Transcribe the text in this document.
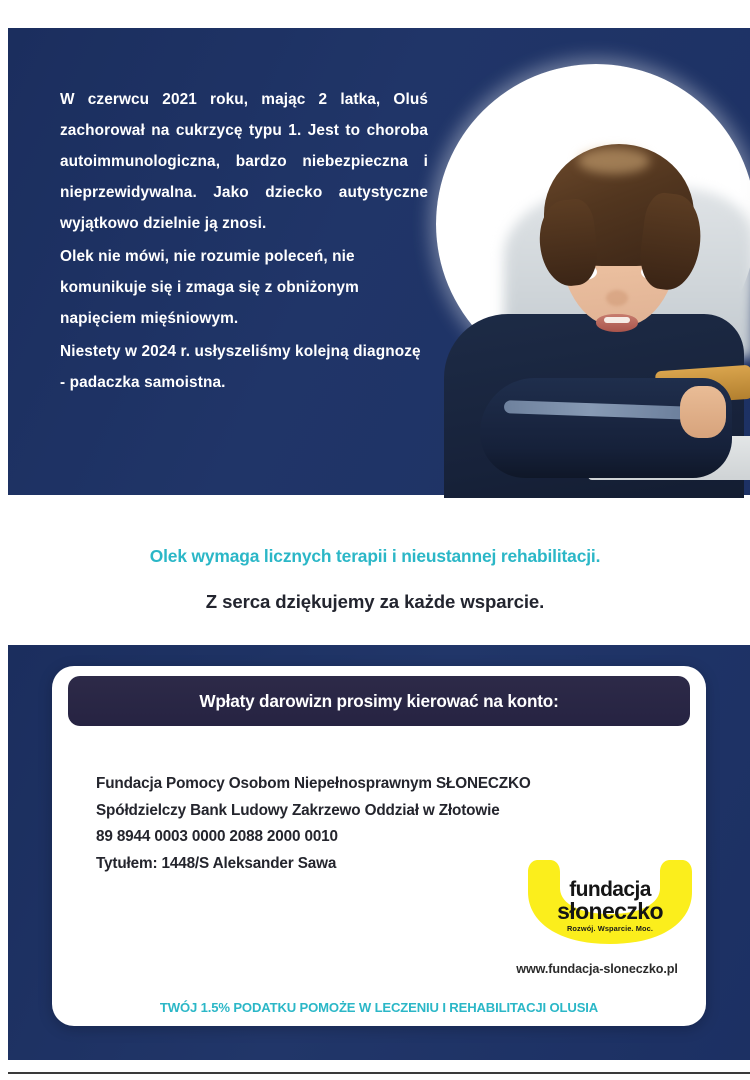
W czerwcu 2021 roku, mając 2 latka, Oluś zachorował na cukrzycę typu 1. Jest to choroba autoimmunologiczna, bardzo niebezpieczna i nieprzewidywalna. Jako dziecko autystyczne wyjątkowo dzielnie ją znosi.

Olek nie mówi, nie rozumie poleceń, nie komunikuje się i zmaga się z obniżonym napięciem mięśniowym.

Niestety w 2024 r. usłyszeliśmy kolejną diagnozę - padaczka samoistna.

Olek wymaga licznych terapii i nieustannej rehabilitacji.
Z serca dziękujemy za każde wsparcie.
Wpłaty darowizn prosimy kierować na konto:
Fundacja Pomocy Osobom Niepełnosprawnym SŁONECZKO
Spółdzielczy Bank Ludowy Zakrzewo Oddział w Złotowie
89 8944 0003 0000 2088 2000 0010
Tytułem: 1448/S Aleksander Sawa
fundacja
słoneczko
Rozwój. Wsparcie. Moc.
www.fundacja-sloneczko.pl
TWÓJ 1.5% PODATKU POMOŻE W LECZENIU I REHABILITACJI OLUSIA
